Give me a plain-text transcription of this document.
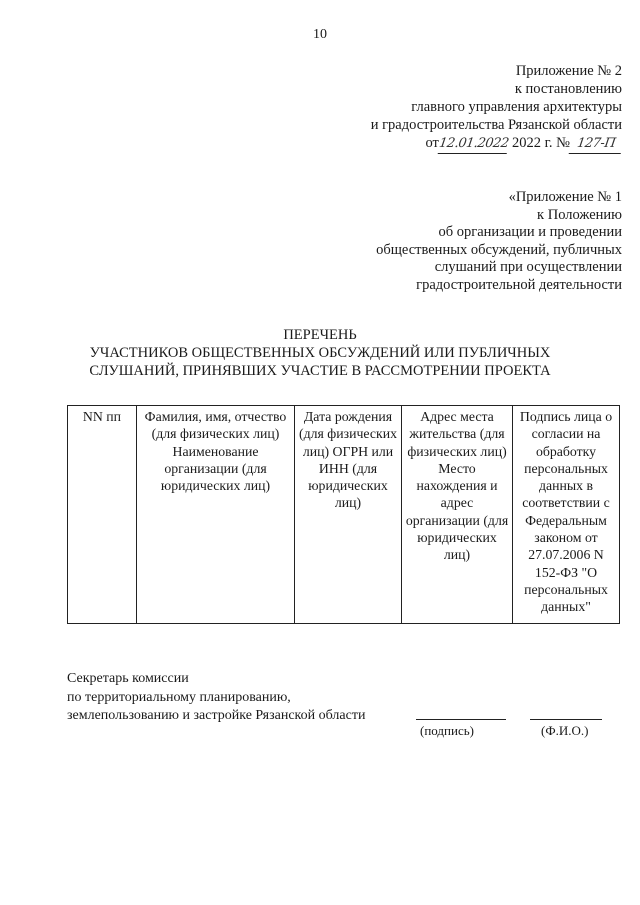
10
Приложение № 2
к постановлению
главного управления архитектуры
и градостроительства Рязанской области
от12.01.2022 2022 г. № 127-П
«Приложение № 1
к Положению
об организации и проведении
общественных обсуждений, публичных
слушаний при осуществлении
градостроительной деятельности
ПЕРЕЧЕНЬ
УЧАСТНИКОВ ОБЩЕСТВЕННЫХ ОБСУЖДЕНИЙ ИЛИ ПУБЛИЧНЫХ СЛУШАНИЙ, ПРИНЯВШИХ УЧАСТИЕ В РАССМОТРЕНИИ ПРОЕКТА
NN пп	Фамилия, имя, отчество (для физических лиц) Наименование организации (для юридических лиц)	Дата рождения (для физических лиц) ОГРН или ИНН (для юридических лиц)	Адрес места жительства (для физических лиц) Место нахождения и адрес организации (для юридических лиц)	Подпись лица о согласии на обработку персональных данных в соответствии с Федеральным законом от 27.07.2006 N 152-ФЗ "О персональных данных"
Секретарь комиссии
по территориальному планированию,
землепользованию и застройке Рязанской области
(подпись)	(Ф.И.О.)
